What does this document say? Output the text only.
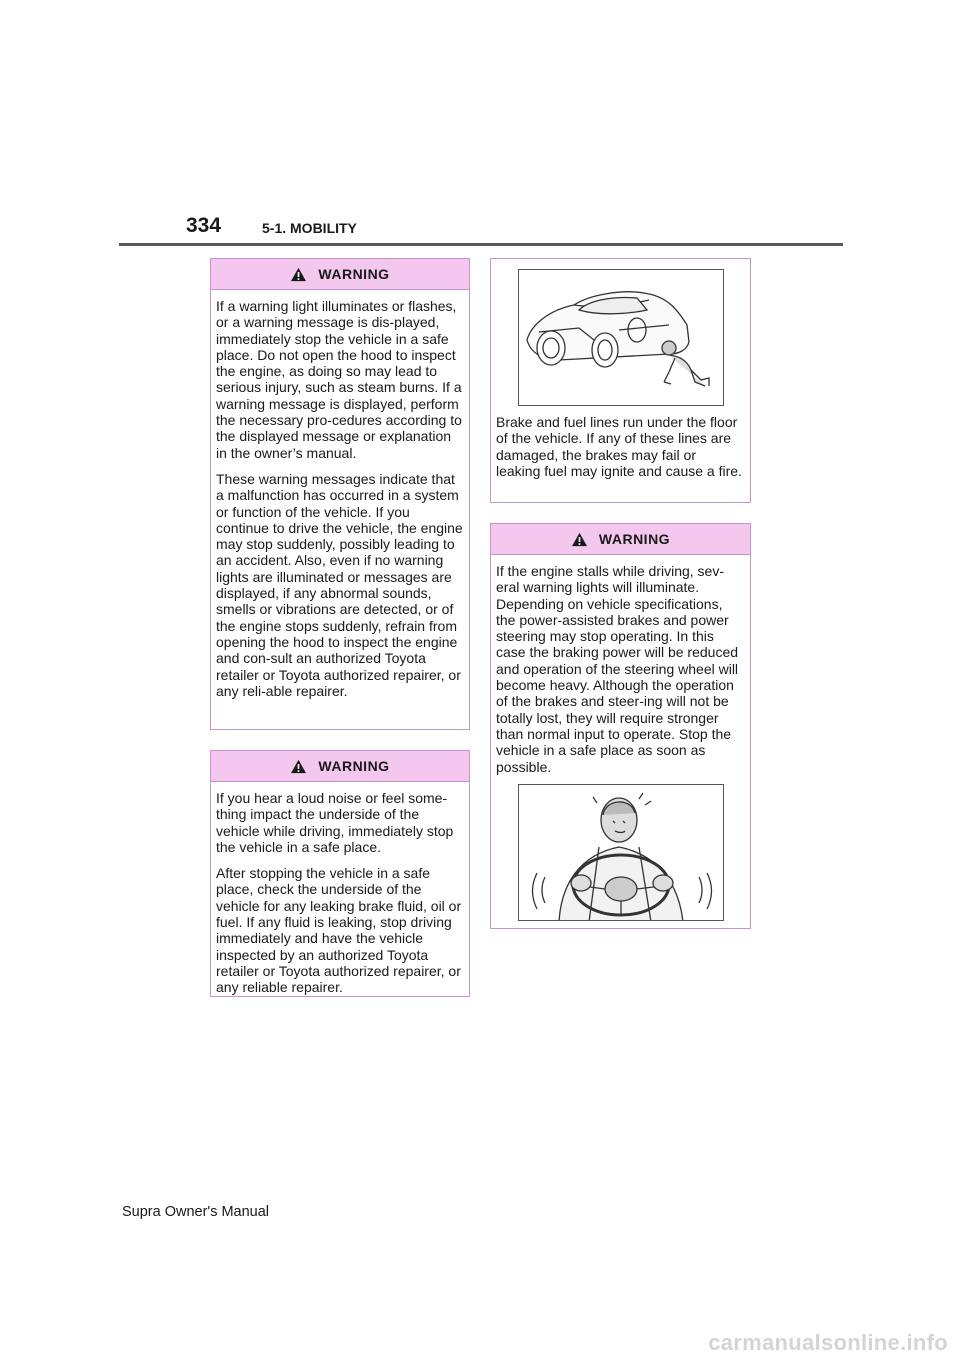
334	5-1. MOBILITY
WARNING

If a warning light illuminates or flashes, or a warning message is dis-played, immediately stop the vehicle in a safe place. Do not open the hood to inspect the engine, as doing so may lead to serious injury, such as steam burns. If a warning message is displayed, perform the necessary pro-cedures according to the displayed message or explanation in the owner’s manual.

These warning messages indicate that a malfunction has occurred in a system or function of the vehicle. If you continue to drive the vehicle, the engine may stop suddenly, possibly leading to an accident. Also, even if no warning lights are illuminated or messages are displayed, if any abnormal sounds, smells or vibrations are detected, or of the engine stops suddenly, refrain from opening the hood to inspect the engine and con-sult an authorized Toyota retailer or Toyota authorized repairer, or any reli-able repairer.

WARNING

If you hear a loud noise or feel some-thing impact the underside of the vehicle while driving, immediately stop the vehicle in a safe place.

After stopping the vehicle in a safe place, check the underside of the vehicle for any leaking brake fluid, oil or fuel. If any fluid is leaking, stop driving immediately and have the vehicle inspected by an authorized Toyota retailer or Toyota authorized repairer, or any reliable repairer.

Brake and fuel lines run under the floor of the vehicle. If any of these lines are damaged, the brakes may fail or leaking fuel may ignite and cause a fire.

WARNING

If the engine stalls while driving, sev-eral warning lights will illuminate. Depending on vehicle specifications, the power-assisted brakes and power steering may stop operating. In this case the braking power will be reduced and operation of the steering wheel will become heavy. Although the operation of the brakes and steer-ing will not be totally lost, they will require stronger than normal input to operate. Stop the vehicle in a safe place as soon as possible.

Supra Owner's Manual
carmanualsonline.info
